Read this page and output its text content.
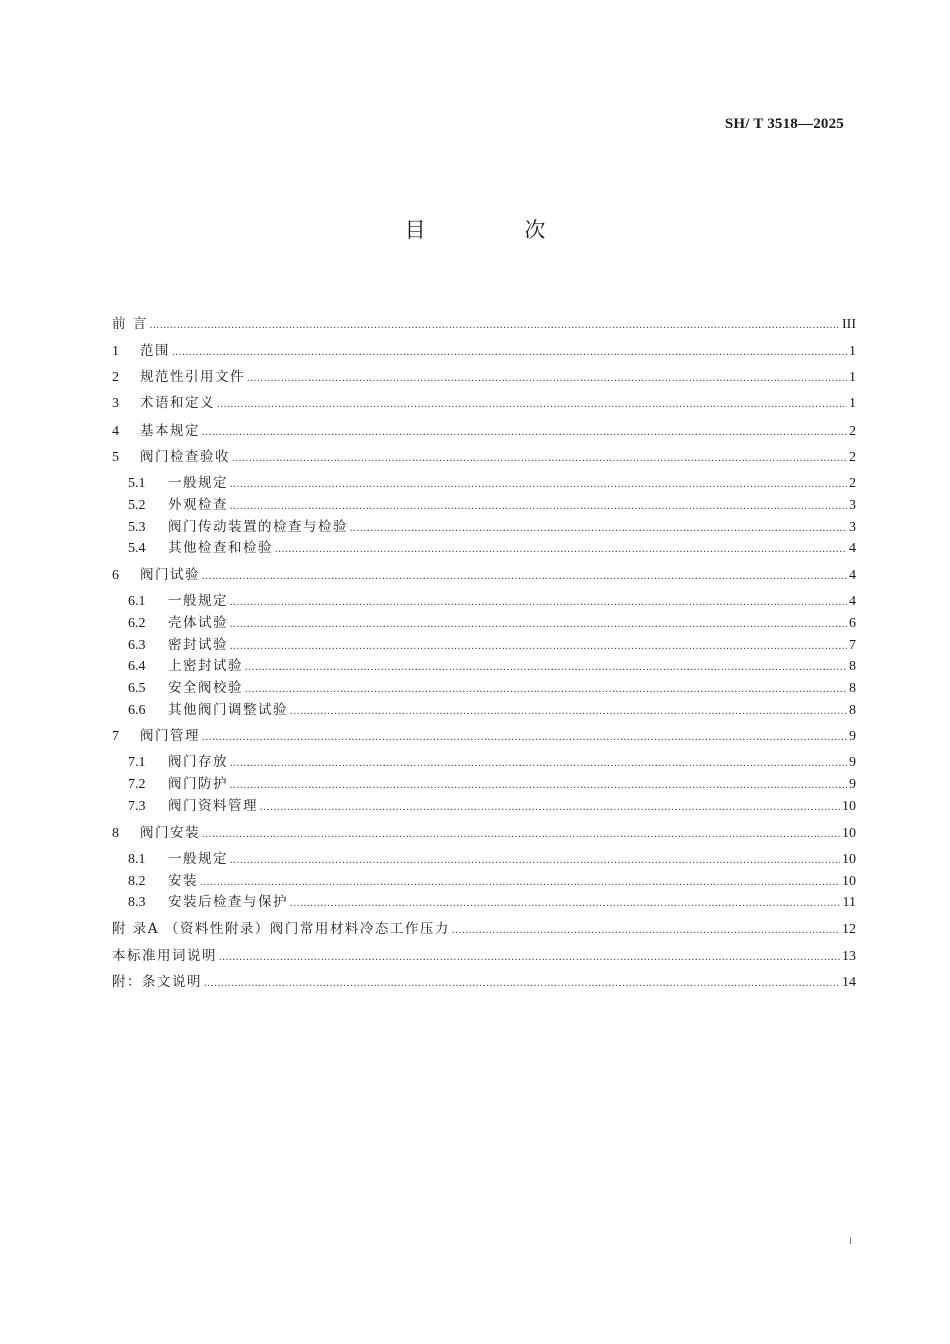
SH/ T 3518—2025
目 次
前 言 .....	III
1	范围 .....	1
2	规范性引用文件 .....	1
3	术语和定义 .....	1
4	基本规定 .....	2
5	阀门检查验收 .....	2
5.1	一般规定 .....	2
5.2	外观检查 .....	3
5.3	阀门传动装置的检查与检验 .....	3
5.4	其他检查和检验 .....	4
6	阀门试验 .....	4
6.1	一般规定 .....	4
6.2	壳体试验 .....	6
6.3	密封试验 .....	7
6.4	上密封试验 .....	8
6.5	安全阀校验 .....	8
6.6	其他阀门调整试验 .....	8
7	阀门管理 .....	9
7.1	阀门存放 .....	9
7.2	阀门防护 .....	9
7.3	阀门资料管理 .....	10
8	阀门安装 .....	10
8.1	一般规定 .....	10
8.2	安装 .....	10
8.3	安装后检查与保护 .....	11
附 录A （资料性附录）阀门常用材料冷态工作压力 .....	12
本标准用词说明 .....	13
附：条文说明 .....	14
I
